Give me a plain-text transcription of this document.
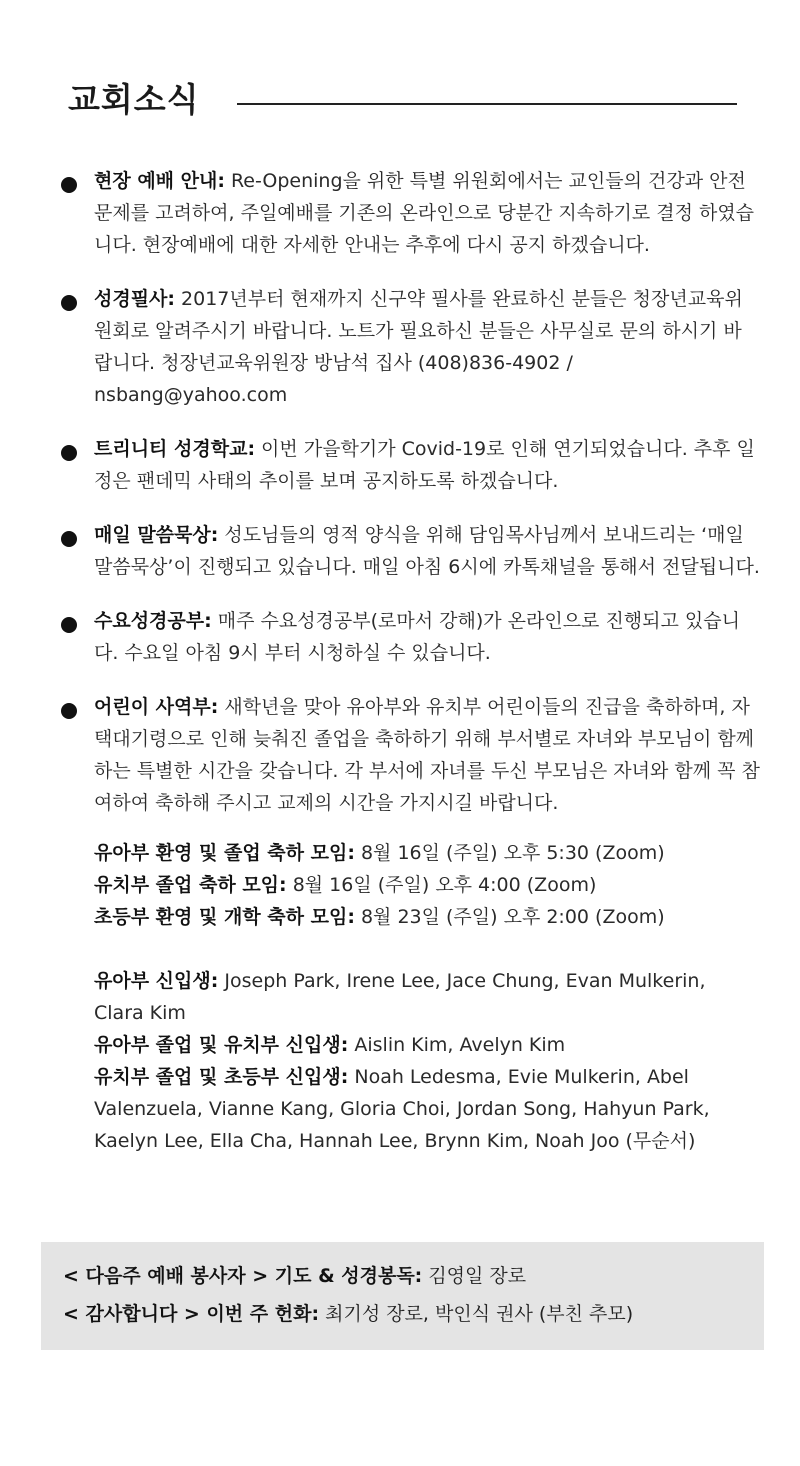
교회소식
현장 예배 안내: Re-Opening을 위한 특별 위원회에서는 교인들의 건강과 안전문제를 고려하여, 주일예배를 기존의 온라인으로 당분간 지속하기로 결정 하였습니다. 현장예배에 대한 자세한 안내는 추후에 다시 공지 하겠습니다.
성경필사: 2017년부터 현재까지 신구약 필사를 완료하신 분들은 청장년교육위원회로 알려주시기 바랍니다. 노트가 필요하신 분들은 사무실로 문의 하시기 바랍니다. 청장년교육위원장 방남석 집사 (408)836-4902 / nsbang@yahoo.com
트리니티 성경학교: 이번 가을학기가 Covid-19로 인해 연기되었습니다. 추후 일정은 팬데믹 사태의 추이를 보며 공지하도록 하겠습니다.
매일 말씀묵상: 성도님들의 영적 양식을 위해 담임목사님께서 보내드리는 ‘매일 말씀묵상’이 진행되고 있습니다. 매일 아침 6시에 카톡채널을 통해서 전달됩니다.
수요성경공부: 매주 수요성경공부(로마서 강해)가 온라인으로 진행되고 있습니다. 수요일 아침 9시 부터 시청하실 수 있습니다.
어린이 사역부: 새학년을 맞아 유아부와 유치부 어린이들의 진급을 축하하며, 자택대기령으로 인해 늦춰진 졸업을 축하하기 위해 부서별로 자녀와 부모님이 함께 하는 특별한 시간을 갖습니다. 각 부서에 자녀를 두신 부모님은 자녀와 함께 꼭 참여하여 축하해 주시고 교제의 시간을 가지시길 바랍니다.
유아부 환영 및 졸업 축하 모임: 8월 16일 (주일) 오후 5:30 (Zoom)
유치부 졸업 축하 모임: 8월 16일 (주일) 오후 4:00 (Zoom)
초등부 환영 및 개학 축하 모임: 8월 23일 (주일) 오후 2:00 (Zoom)
유아부 신입생: Joseph Park, Irene Lee, Jace Chung, Evan Mulkerin, Clara Kim
유아부 졸업 및 유치부 신입생: Aislin Kim, Avelyn Kim
유치부 졸업 및 초등부 신입생: Noah Ledesma, Evie Mulkerin, Abel Valenzuela, Vianne Kang, Gloria Choi, Jordan Song, Hahyun Park, Kaelyn Lee, Ella Cha, Hannah Lee, Brynn Kim, Noah Joo (무순서)
< 다음주 예배 봉사자 > 기도 & 성경봉독: 김영일 장로
< 감사합니다 > 이번 주 헌화: 최기성 장로, 박인식 권사 (부친 추모)
